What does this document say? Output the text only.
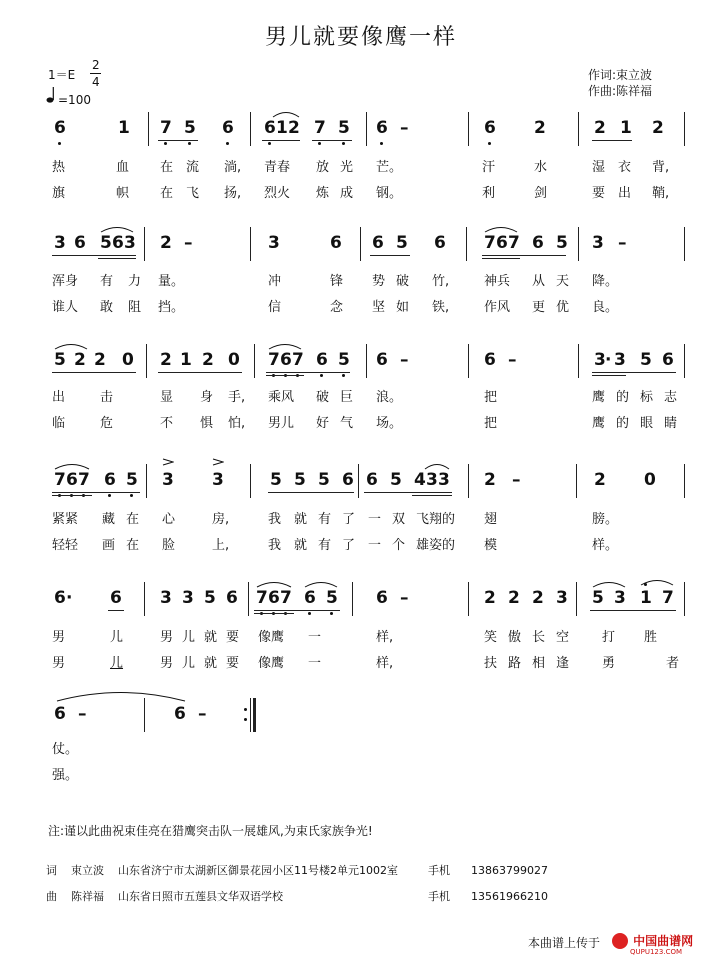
男儿就要像鹰一样
1＝E
2
4
=100
作词:束立波
作曲:陈祥福
6	1 7 5 6 6 1 2 7 5 6 –	6 2	2 1 2
热	血 在 流 淌, 青春 放 光 芒。	汗	水	湿 衣 背,
旗	帜 在 飞 扬, 烈火 炼 成 钢。	利	剑	要 出 鞘,
3 6 5 6 3 2 –	3	6 6 5 6 7 6 7 6 5 3 –
浑身 有 力 量。	冲	锋 势 破 竹,	神兵 从 天 降。
谁人 敢 阻 挡。	信	念 坚 如 铁,	作风 更 优 良。
5 2 2 0 2 1 2 0 7 6 7 6 5 6 –	6 –	3 · 3 5 6
出	击	显 身 手, 乘风 破 巨 浪。	把	鹰 的 标 志
临	危	不 惧 怕, 男儿 好 气 场。	把	鹰 的 眼 睛
7 6 7 6 5 3 3	5 5 5 6 6 5 4 3 3 2 –	2 0
紧紧 藏 在 心	房,	我 就 有 了 一 双 飞翔的 翅	膀。
轻轻 画 在 脸	上,	我 就 有 了 一 个 雄姿的 模	样。
6 · 6 3 3 5 6 7 6 7 6 5 6 –	2 2 2 3 5 3 1 7
男	儿	男 儿 就 要 像鹰 一	样,	笑 傲 长 空	打 胜
男	儿	男 儿 就 要 像鹰 一	样,	扶 路 相 逢	勇	者
6 –	6 –
仗。
强。
注:谨以此曲祝束佳亮在猎鹰突击队一展雄风,为束氏家族争光!
词 束立波 山东省济宁市太湖新区御景花园小区11号楼2单元1002室	手机 13863799027
曲 陈祥福 山东省日照市五莲县文华双语学校	手机 13561966210
本曲谱上传于	中国曲谱网
QUPU123.COM
